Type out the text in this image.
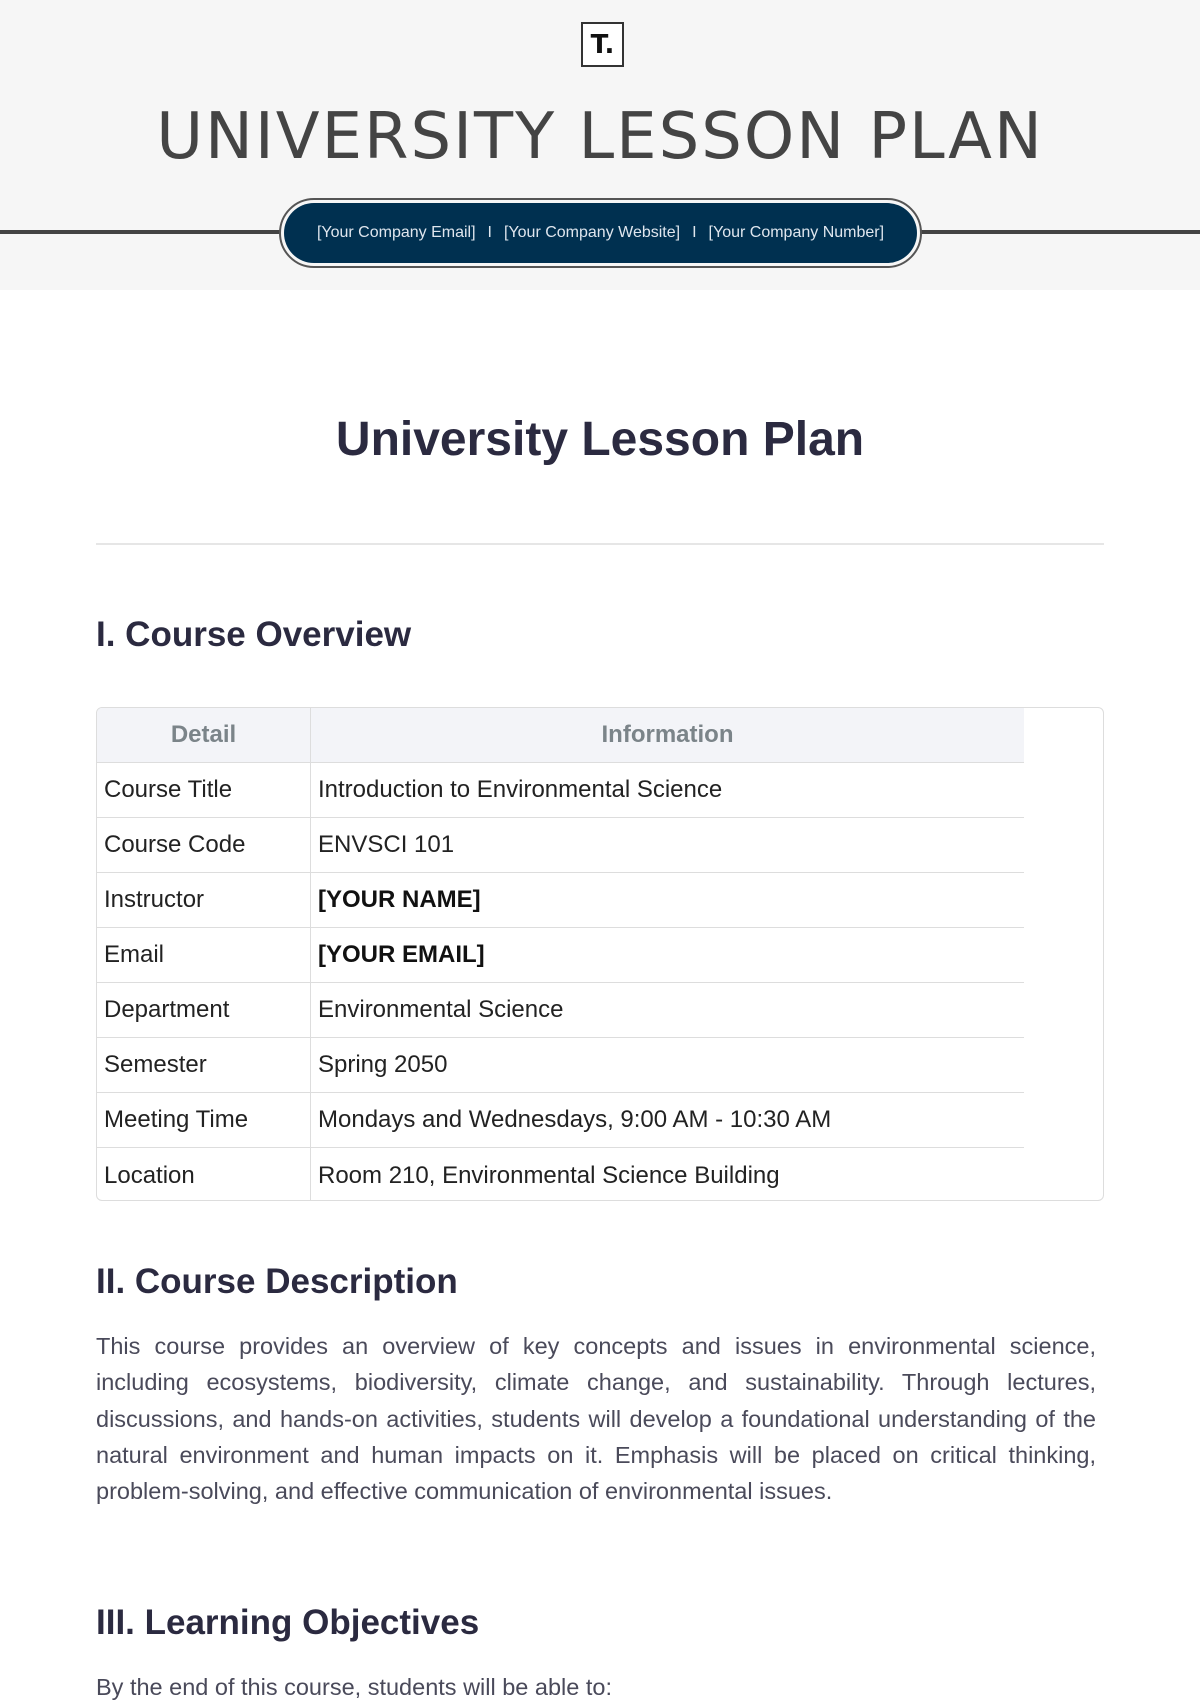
T.
UNIVERSITY LESSON PLAN
[Your Company Email] I [Your Company Website] I [Your Company Number]
University Lesson Plan
I. Course Overview
Detail	Information
Course Title	Introduction to Environmental Science
Course Code	ENVSCI 101
Instructor	[YOUR NAME]
Email	[YOUR EMAIL]
Department	Environmental Science
Semester	Spring 2050
Meeting Time	Mondays and Wednesdays, 9:00 AM - 10:30 AM
Location	Room 210, Environmental Science Building
II. Course Description
This course provides an overview of key concepts and issues in environmental science, including ecosystems, biodiversity, climate change, and sustainability. Through lectures, discussions, and hands-on activities, students will develop a foundational understanding of the natural environment and human impacts on it. Emphasis will be placed on critical thinking, problem-solving, and effective communication of environmental issues.
III. Learning Objectives
By the end of this course, students will be able to:
